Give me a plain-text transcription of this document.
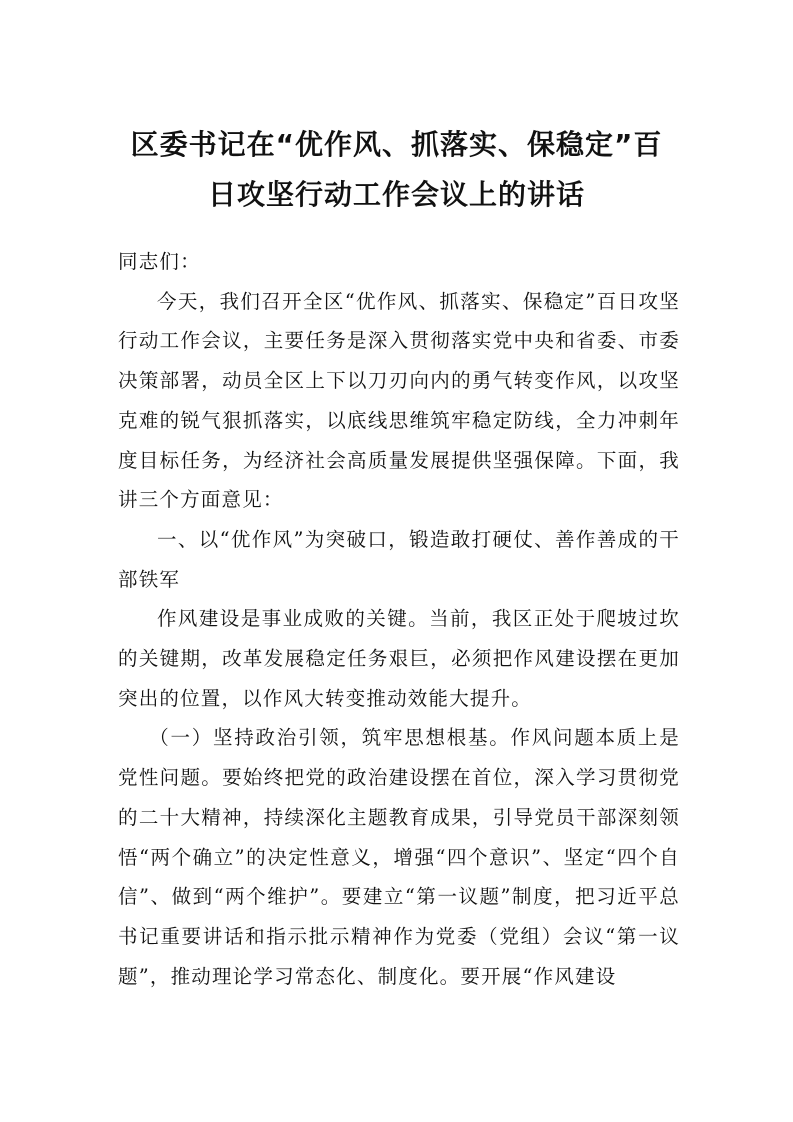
区委书记在“优作风、抓落实、保稳定”百
日攻坚行动工作会议上的讲话

同志们：

今天，我们召开全区“优作风、抓落实、保稳定”百日攻坚行动工作会议，主要任务是深入贯彻落实党中央和省委、市委决策部署，动员全区上下以刀刃向内的勇气转变作风，以攻坚克难的锐气狠抓落实，以底线思维筑牢稳定防线，全力冲刺年度目标任务，为经济社会高质量发展提供坚强保障。下面，我讲三个方面意见：

一、以“优作风”为突破口，锻造敢打硬仗、善作善成的干部铁军

作风建设是事业成败的关键。当前，我区正处于爬坡过坎的关键期，改革发展稳定任务艰巨，必须把作风建设摆在更加突出的位置，以作风大转变推动效能大提升。

（一）坚持政治引领，筑牢思想根基。作风问题本质上是党性问题。要始终把党的政治建设摆在首位，深入学习贯彻党的二十大精神，持续深化主题教育成果，引导党员干部深刻领悟“两个确立”的决定性意义，增强“四个意识”、坚定“四个自信”、做到“两个维护”。要建立“第一议题”制度，把习近平总书记重要讲话和指示批示精神作为党委（党组）会议“第一议题”，推动理论学习常态化、制度化。要开展“作风建设
